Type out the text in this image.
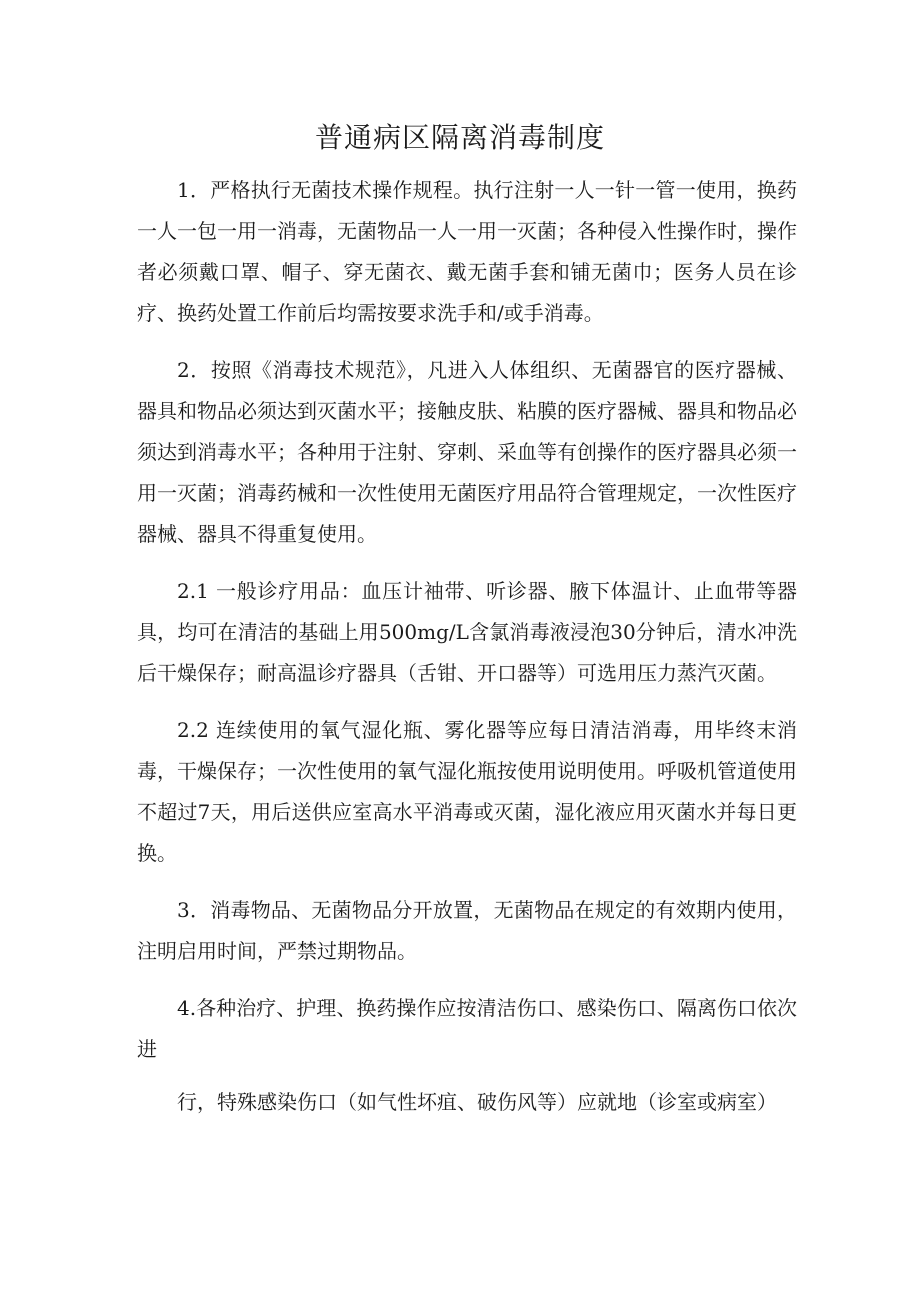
普通病区隔离消毒制度

1．严格执行无菌技术操作规程。执行注射一人一针一管一使用，换药一人一包一用一消毒，无菌物品一人一用一灭菌；各种侵入性操作时，操作者必须戴口罩、帽子、穿无菌衣、戴无菌手套和铺无菌巾；医务人员在诊疗、换药处置工作前后均需按要求洗手和/或手消毒。

2．按照《消毒技术规范》，凡进入人体组织、无菌器官的医疗器械、器具和物品必须达到灭菌水平；接触皮肤、粘膜的医疗器械、器具和物品必须达到消毒水平；各种用于注射、穿刺、采血等有创操作的医疗器具必须一用一灭菌；消毒药械和一次性使用无菌医疗用品符合管理规定，一次性医疗器械、器具不得重复使用。

2.1 一般诊疗用品：血压计袖带、听诊器、腋下体温计、止血带等器具，均可在清洁的基础上用500mg/L含氯消毒液浸泡30分钟后，清水冲洗后干燥保存；耐高温诊疗器具（舌钳、开口器等）可选用压力蒸汽灭菌。

2.2 连续使用的氧气湿化瓶、雾化器等应每日清洁消毒，用毕终末消毒，干燥保存；一次性使用的氧气湿化瓶按使用说明使用。呼吸机管道使用不超过7天，用后送供应室高水平消毒或灭菌，湿化液应用灭菌水并每日更换。

3．消毒物品、无菌物品分开放置，无菌物品在规定的有效期内使用，注明启用时间，严禁过期物品。

4.各种治疗、护理、换药操作应按清洁伤口、感染伤口、隔离伤口依次进

行，特殊感染伤口（如气性坏疽、破伤风等）应就地（诊室或病室）
